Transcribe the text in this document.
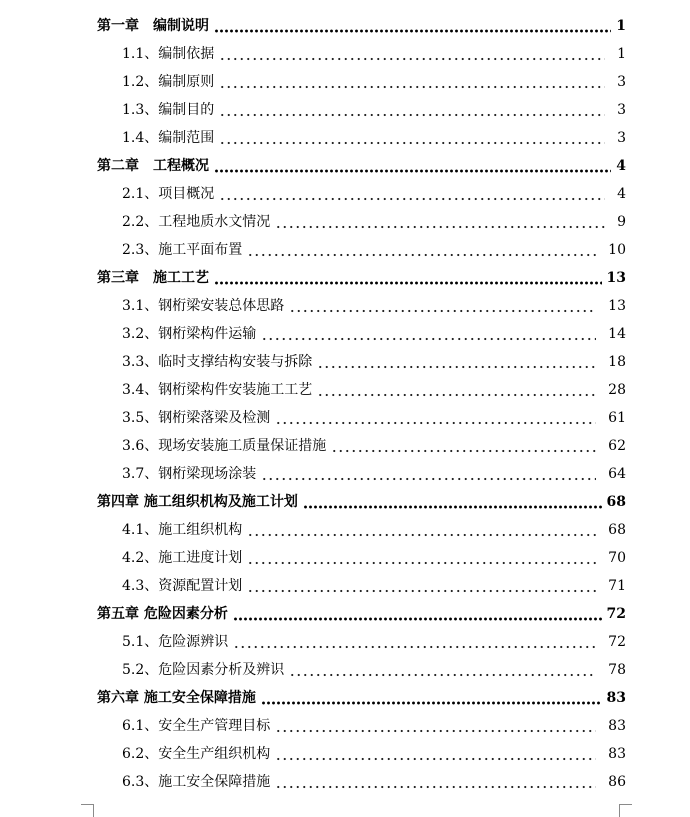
第一章　编制说明	1
1.1、编制依据	1
1.2、编制原则	3
1.3、编制目的	3
1.4、编制范围	3
第二章　工程概况	4
2.1、项目概况	4
2.2、工程地质水文情况	9
2.3、施工平面布置	10
第三章　施工工艺	13
3.1、钢桁梁安装总体思路	13
3.2、钢桁梁构件运输	14
3.3、临时支撑结构安装与拆除	18
3.4、钢桁梁构件安装施工工艺	28
3.5、钢桁梁落梁及检测	61
3.6、现场安装施工质量保证措施	62
3.7、钢桁梁现场涂装	64
第四章 施工组织机构及施工计划	68
4.1、施工组织机构	68
4.2、施工进度计划	70
4.3、资源配置计划	71
第五章 危险因素分析	72
5.1、危险源辨识	72
5.2、危险因素分析及辨识	78
第六章 施工安全保障措施	83
6.1、安全生产管理目标	83
6.2、安全生产组织机构	83
6.3、施工安全保障措施	86
